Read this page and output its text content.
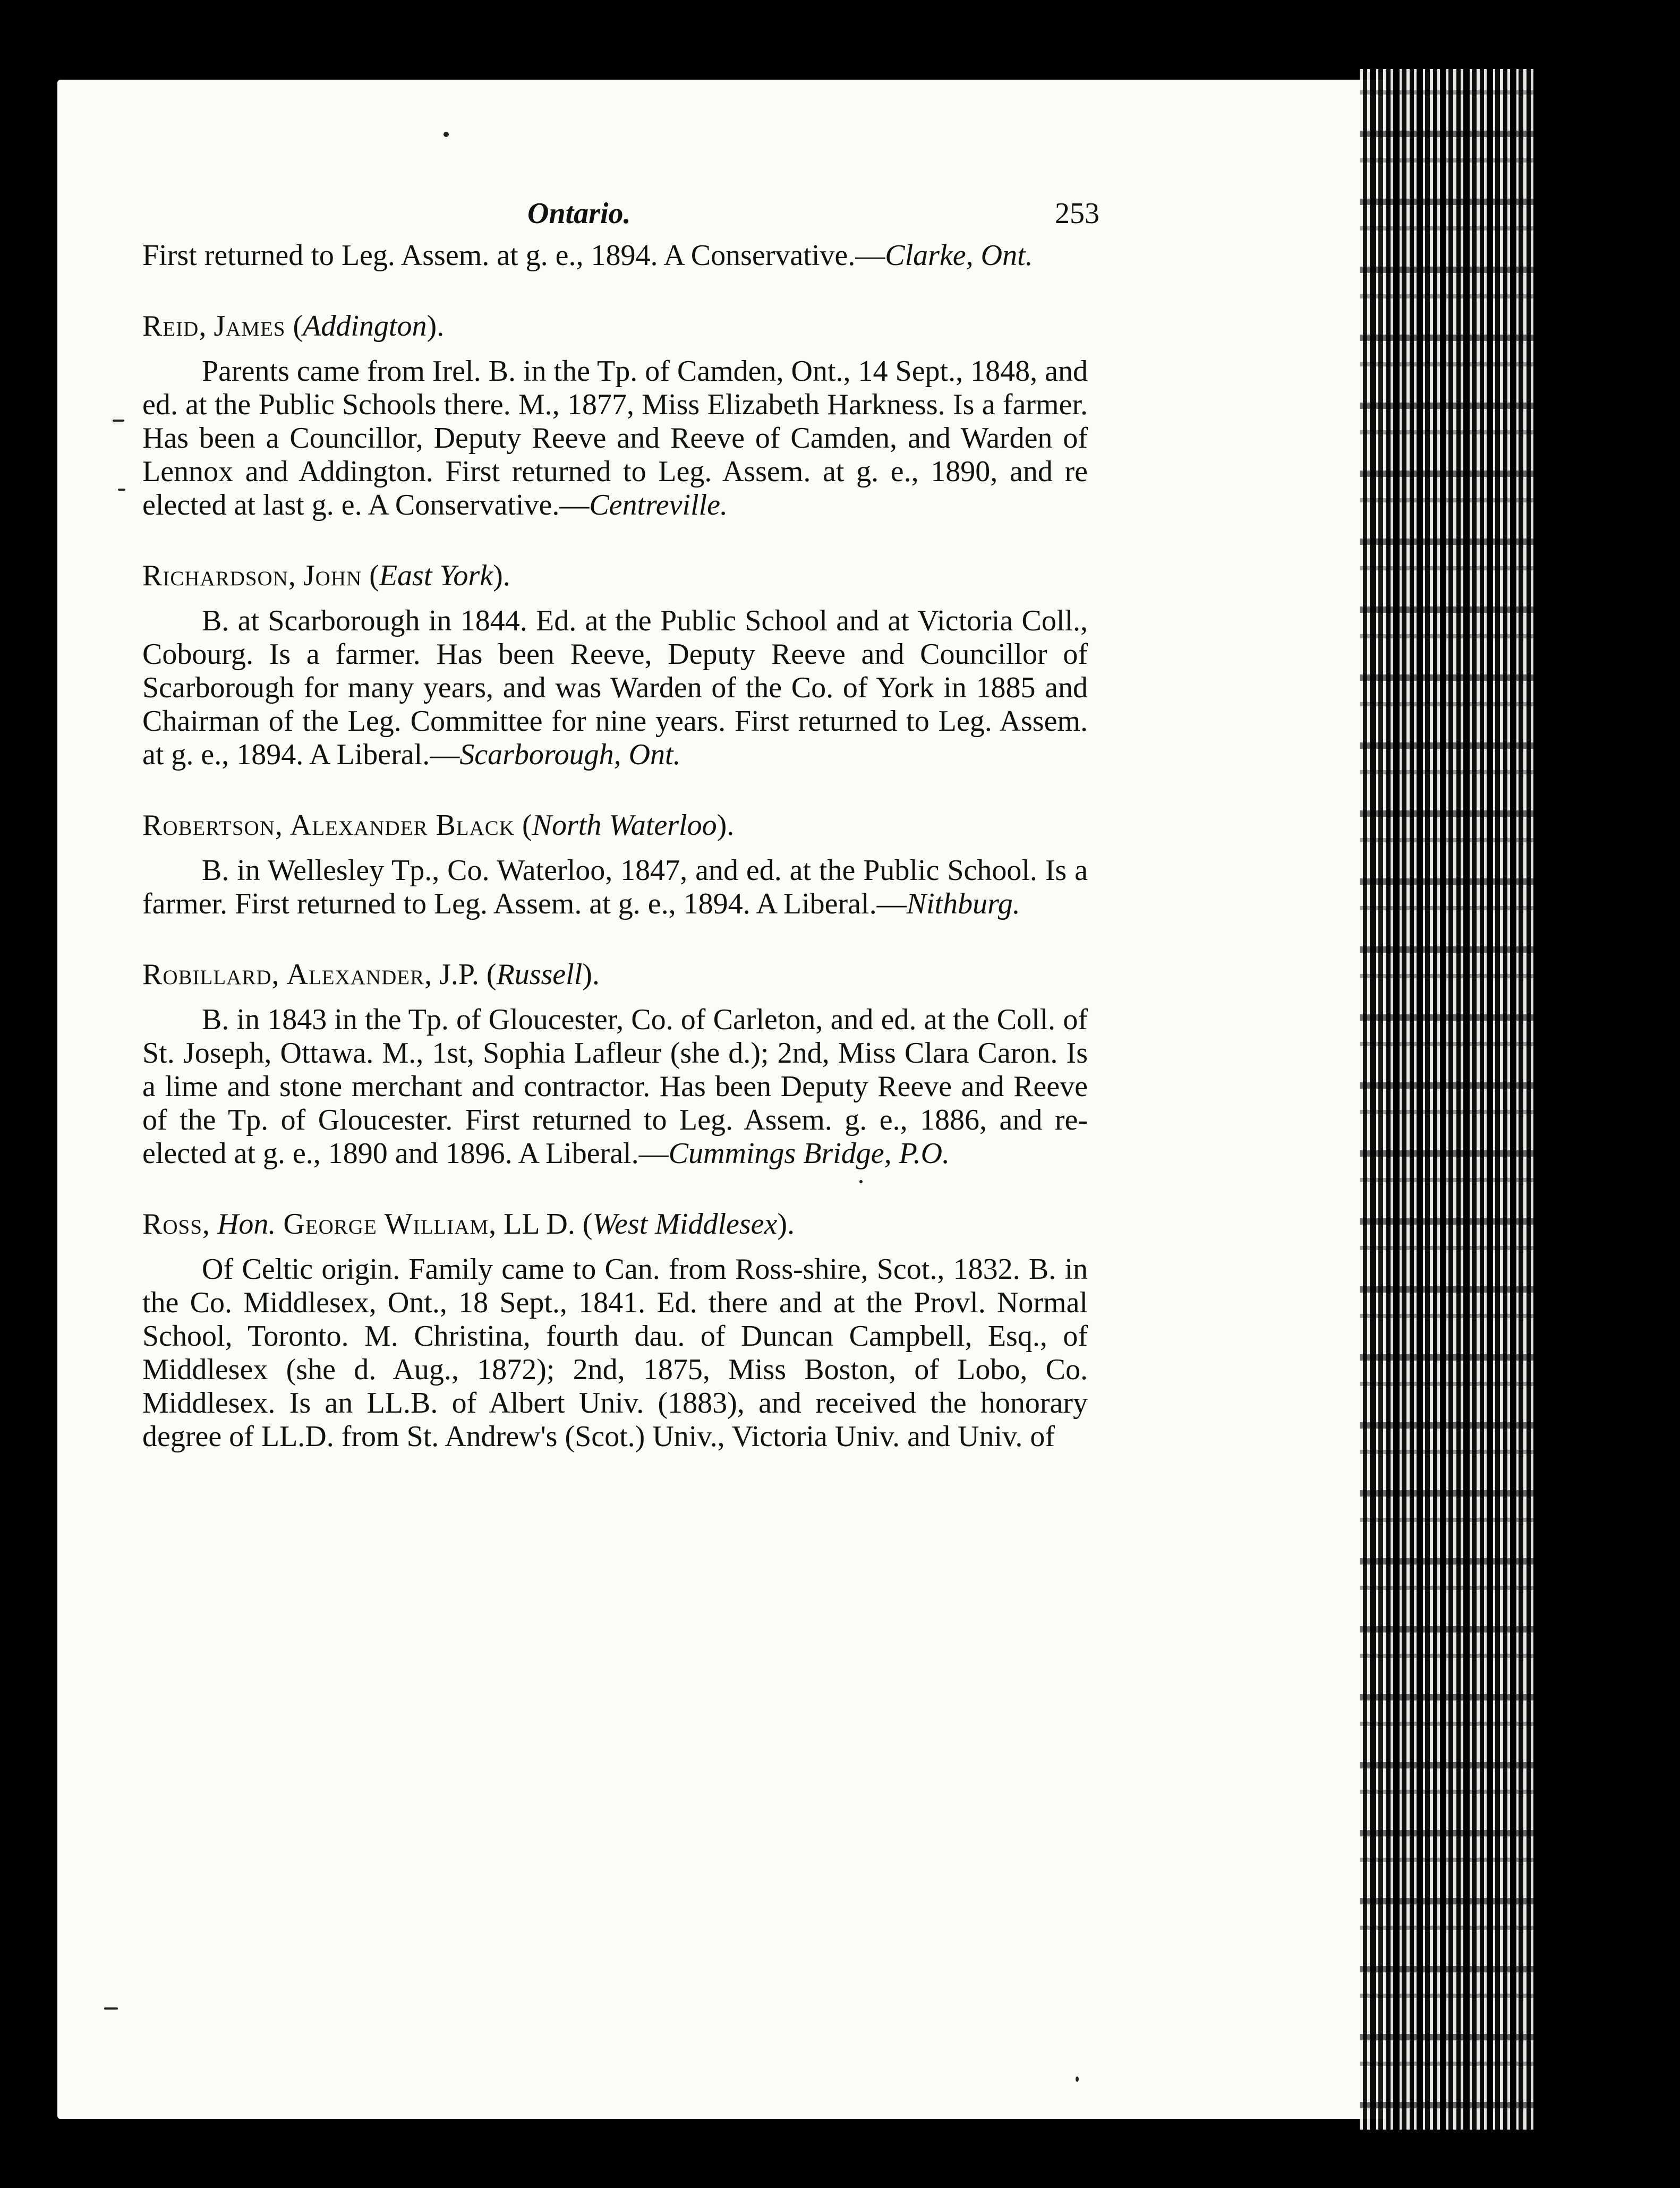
Ontario.	253

First returned to Leg. Assem. at g. e., 1894. A Conservative.—Clarke, Ont.

Reid, James (Addington).

Parents came from Irel. B. in the Tp. of Camden, Ont., 14 Sept., 1848, and ed. at the Public Schools there. M., 1877, Miss Elizabeth Harkness. Is a farmer. Has been a Councillor, Deputy Reeve and Reeve of Camden, and Warden of Lennox and Addington. First returned to Leg. Assem. at g. e., 1890, and re elected at last g. e. A Conservative.—Centreville.

Richardson, John (East York).

B. at Scarborough in 1844. Ed. at the Public School and at Victoria Coll., Cobourg. Is a farmer. Has been Reeve, Deputy Reeve and Councillor of Scarborough for many years, and was Warden of the Co. of York in 1885 and Chairman of the Leg. Committee for nine years. First returned to Leg. Assem. at g. e., 1894. A Liberal.—Scarborough, Ont.

Robertson, Alexander Black (North Waterloo).

B. in Wellesley Tp., Co. Waterloo, 1847, and ed. at the Public School. Is a farmer. First returned to Leg. Assem. at g. e., 1894. A Liberal.—Nithburg.

Robillard, Alexander, J.P. (Russell).

B. in 1843 in the Tp. of Gloucester, Co. of Carleton, and ed. at the Coll. of St. Joseph, Ottawa. M., 1st, Sophia Lafleur (she d.); 2nd, Miss Clara Caron. Is a lime and stone merchant and contractor. Has been Deputy Reeve and Reeve of the Tp. of Gloucester. First returned to Leg. Assem. g. e., 1886, and re-elected at g. e., 1890 and 1896. A Liberal.—Cummings Bridge, P.O.

Ross, Hon. George William, LL D. (West Middlesex).

Of Celtic origin. Family came to Can. from Ross-shire, Scot., 1832. B. in the Co. Middlesex, Ont., 18 Sept., 1841. Ed. there and at the Provl. Normal School, Toronto. M. Christina, fourth dau. of Duncan Campbell, Esq., of Middlesex (she d. Aug., 1872); 2nd, 1875, Miss Boston, of Lobo, Co. Middlesex. Is an LL.B. of Albert Univ. (1883), and received the honorary degree of LL.D. from St. Andrew's (Scot.) Univ., Victoria Univ. and Univ. of
